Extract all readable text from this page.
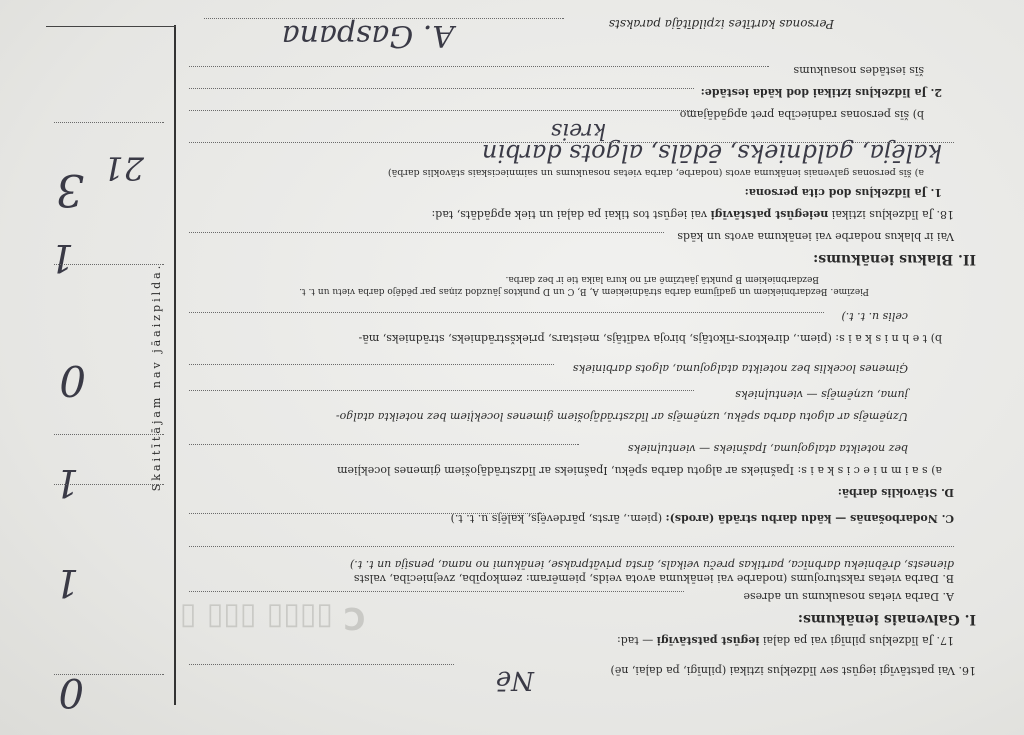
C ▯▯▯▯ ▯▯▯ ▯
Personas kartītes izpildītāja paraksts
A. Gaspana
16. Vai patstāvīgi iegūst sev līdzekļus iztikai (pilnīgi, pa daļai, nē)
Nē
17. Ja līdzekļus pilnīgi vai pa daļai iegūst patstāvīgi — tad:
I. Galvenais ienākums:
A. Darba vietas nosaukums un adrese
B. Darba vietas raksturojums (nodarbe vai ienākuma avota veids, piemēram: zemkopība, zvejniecība, valsts
dienests, drēbnieku darbnīca, partikas preču veikals, ārsta privātprakse, ienākumi no nama, pensija un t. t.)
C. Nodarbošanās — kādu darbu strādā (arods): (piem., ārsts, pārdevējs, kalējs u. t. t.)
D. Stāvoklis darbā:
a) s a i m n i e c i s k a i s: Ipašnieks ar algotu darba spēku, Ipašnieks ar līdzstrādājošiem ģimenes locekļiem
bez noteikta atalgojuma, Ipašnieks — vientuļnieks
Uzņēmējs ar algotu darba spēku, uzņēmējs ar līdzstrādājošiem ģimenes locekļiem bez noteikta atalgo-
juma, uzņēmējs — vientuļnieks
Ģimenes loceklis bez noteikta atalgojuma, algots darbinieks
b) t e h n i s k a i s: (piem., direktors-rīkotājs, biroja vadītājs, meistars, priekšstrādnieks, strādnieks, mā-
celis u. t. t.)
Piezīme. Bezdarbniekiem un gadījuma darba strādniekiem A, B, C un D punktos jāuzdod ziņas par pēdējo darba vietu un t. t.
Bezdarbniekiem B punktā jāatzīmē arī no kura laika tie ir bez darba.
II. Blakus ienākums:
Vai ir blakus nodarbe vai ienākuma avots un kāds
18. Ja līdzekļus iztikai neiegūst patstāvīgi vai iegūst tos tikai pa daļai un tiek apgādāts, tad:
1. Ja līdzekļus dod cita persona:
a) šīs personas galvenais ienākuma avots (nodarbe, darba vietas nosaukums un saimnieciskais stāvoklis darbā)
kalēja, galdnieks, ēdāls, algots darbin
kreis
b) šīs personas radniecība pret apgādājamo
2. Ja līdzekļus iztikai dod kāda iestāde:
šīs iestādes nosaukums
Skaitītājam nav jāaizpilda.
21
0
1
1
0
1
3
